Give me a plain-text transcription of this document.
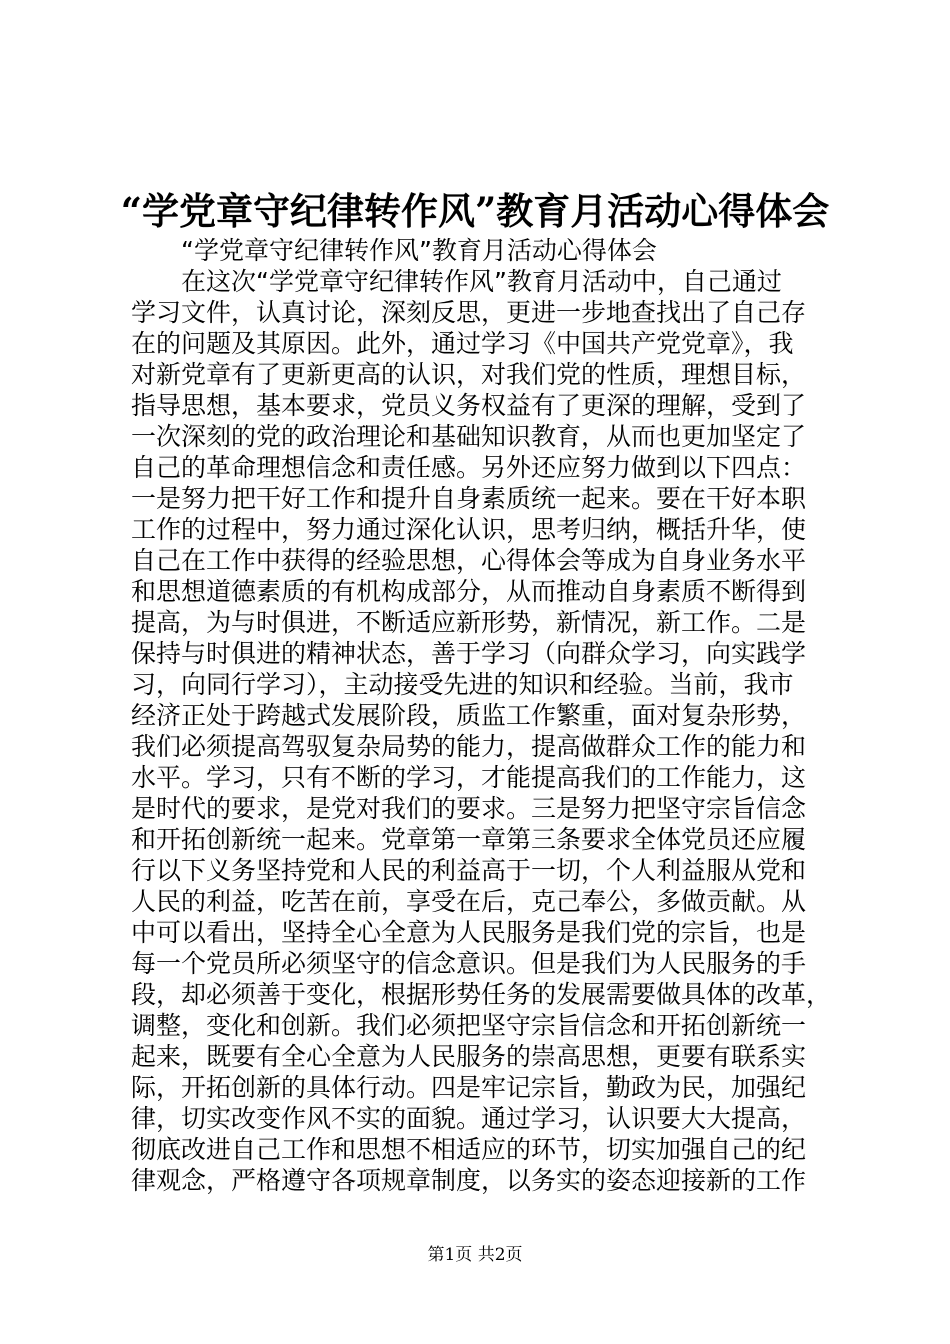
“学党章守纪律转作风”教育月活动心得体会
“学党章守纪律转作风”教育月活动心得体会
在这次“学党章守纪律转作风”教育月活动中，自己通过
学习文件，认真讨论，深刻反思，更进一步地查找出了自己存
在的问题及其原因。此外，通过学习《中国共产党党章》，我
对新党章有了更新更高的认识，对我们党的性质，理想目标，
指导思想，基本要求，党员义务权益有了更深的理解，受到了
一次深刻的党的政治理论和基础知识教育，从而也更加坚定了
自己的革命理想信念和责任感。另外还应努力做到以下四点：
一是努力把干好工作和提升自身素质统一起来。要在干好本职
工作的过程中，努力通过深化认识，思考归纳，概括升华，使
自己在工作中获得的经验思想，心得体会等成为自身业务水平
和思想道德素质的有机构成部分，从而推动自身素质不断得到
提高，为与时俱进，不断适应新形势，新情况，新工作。二是
保持与时俱进的精神状态，善于学习（向群众学习，向实践学
习，向同行学习），主动接受先进的知识和经验。当前，我市
经济正处于跨越式发展阶段，质监工作繁重，面对复杂形势，
我们必须提高驾驭复杂局势的能力，提高做群众工作的能力和
水平。学习，只有不断的学习，才能提高我们的工作能力，这
是时代的要求，是党对我们的要求。三是努力把坚守宗旨信念
和开拓创新统一起来。党章第一章第三条要求全体党员还应履
行以下义务坚持党和人民的利益高于一切，个人利益服从党和
人民的利益，吃苦在前，享受在后，克己奉公，多做贡献。从
中可以看出，坚持全心全意为人民服务是我们党的宗旨，也是
每一个党员所必须坚守的信念意识。但是我们为人民服务的手
段，却必须善于变化，根据形势任务的发展需要做具体的改革，
调整，变化和创新。我们必须把坚守宗旨信念和开拓创新统一
起来，既要有全心全意为人民服务的崇高思想，更要有联系实
际，开拓创新的具体行动。四是牢记宗旨，勤政为民，加强纪
律，切实改变作风不实的面貌。通过学习，认识要大大提高，
彻底改进自己工作和思想不相适应的环节，切实加强自己的纪
律观念，严格遵守各项规章制度，以务实的姿态迎接新的工作
第1页 共2页
